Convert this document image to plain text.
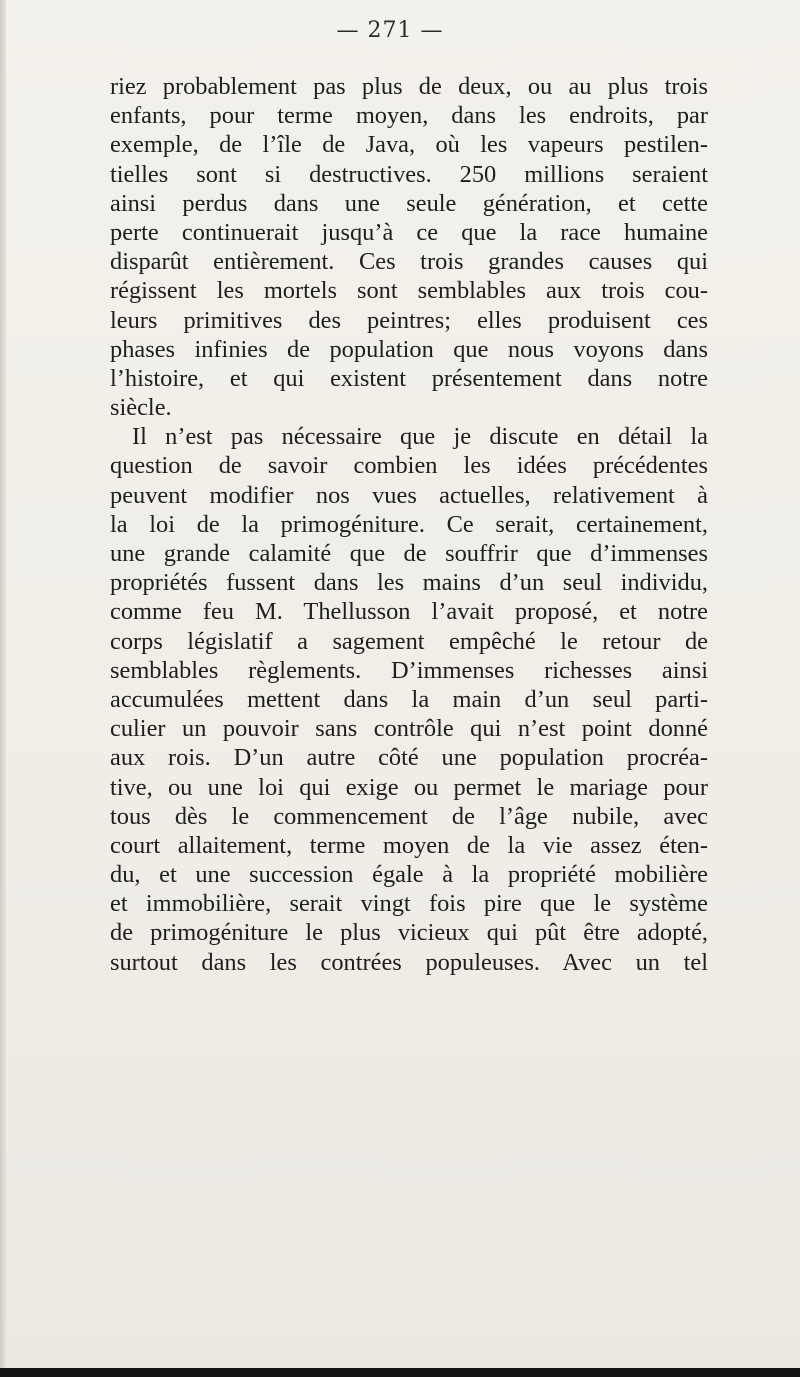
— 271 —
riez probablement pas plus de deux, ou au plus trois
enfants, pour terme moyen, dans les endroits, par
exemple, de l’île de Java, où les vapeurs pestilen-
tielles sont si destructives. 250 millions seraient
ainsi perdus dans une seule génération, et cette
perte continuerait jusqu’à ce que la race humaine
disparût entièrement. Ces trois grandes causes qui
régissent les mortels sont semblables aux trois cou-
leurs primitives des peintres; elles produisent ces
phases infinies de population que nous voyons dans
l’histoire, et qui existent présentement dans notre
siècle.
Il n’est pas nécessaire que je discute en détail la
question de savoir combien les idées précédentes
peuvent modifier nos vues actuelles, relativement à
la loi de la primogéniture. Ce serait, certainement,
une grande calamité que de souffrir que d’immenses
propriétés fussent dans les mains d’un seul individu,
comme feu M. Thellusson l’avait proposé, et notre
corps législatif a sagement empêché le retour de
semblables règlements. D’immenses richesses ainsi
accumulées mettent dans la main d’un seul parti-
culier un pouvoir sans contrôle qui n’est point donné
aux rois. D’un autre côté une population procréa-
tive, ou une loi qui exige ou permet le mariage pour
tous dès le commencement de l’âge nubile, avec
court allaitement, terme moyen de la vie assez éten-
du, et une succession égale à la propriété mobilière
et immobilière, serait vingt fois pire que le système
de primogéniture le plus vicieux qui pût être adopté,
surtout dans les contrées populeuses. Avec un tel
